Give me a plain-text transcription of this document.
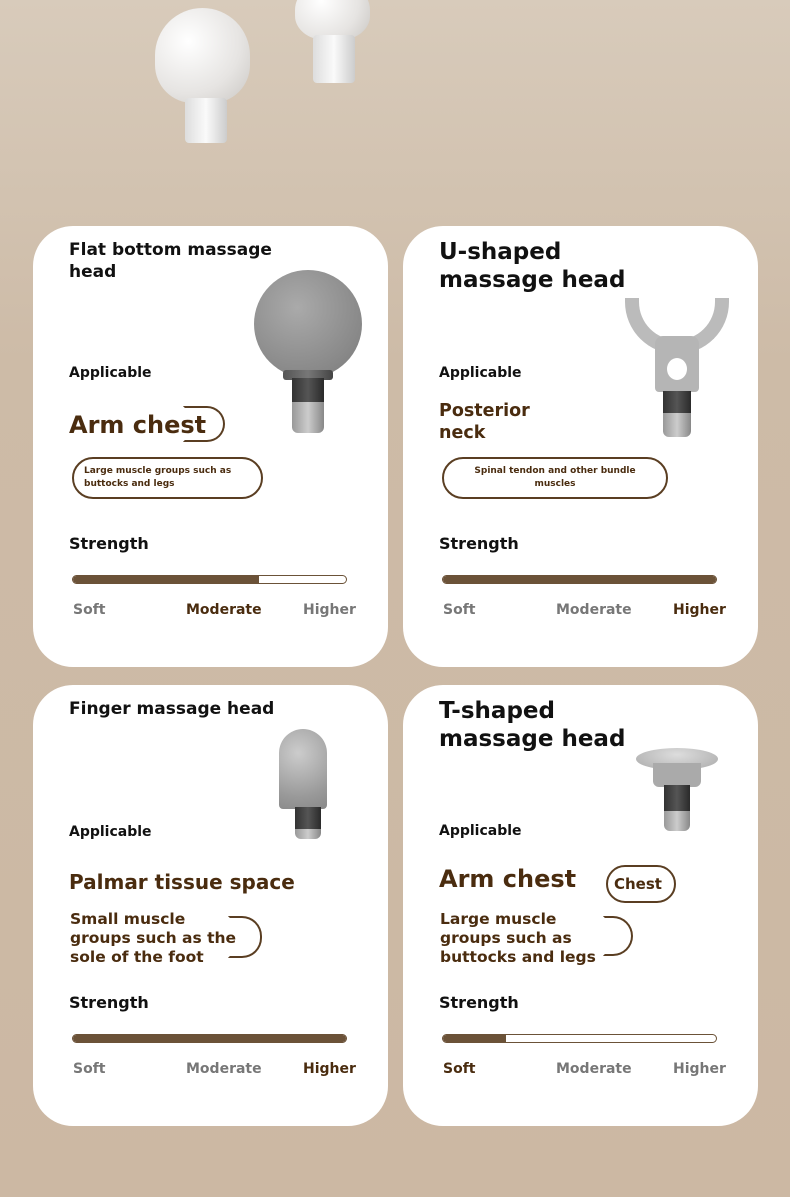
Flat bottom massage head
Applicable
Arm chest
Large muscle groups such as buttocks and legs
Strength
Soft	Moderate	Higher
U-shaped massage head
Applicable
Posterior neck
Spinal tendon and other bundle muscles
Strength
Soft	Moderate	Higher
Finger massage head
Applicable
Palmar tissue space
Small muscle groups such as the sole of the foot
Strength
Soft	Moderate	Higher
T-shaped massage head
Applicable
Arm chest	Chest
Large muscle groups such as buttocks and legs
Strength
Soft	Moderate	Higher
